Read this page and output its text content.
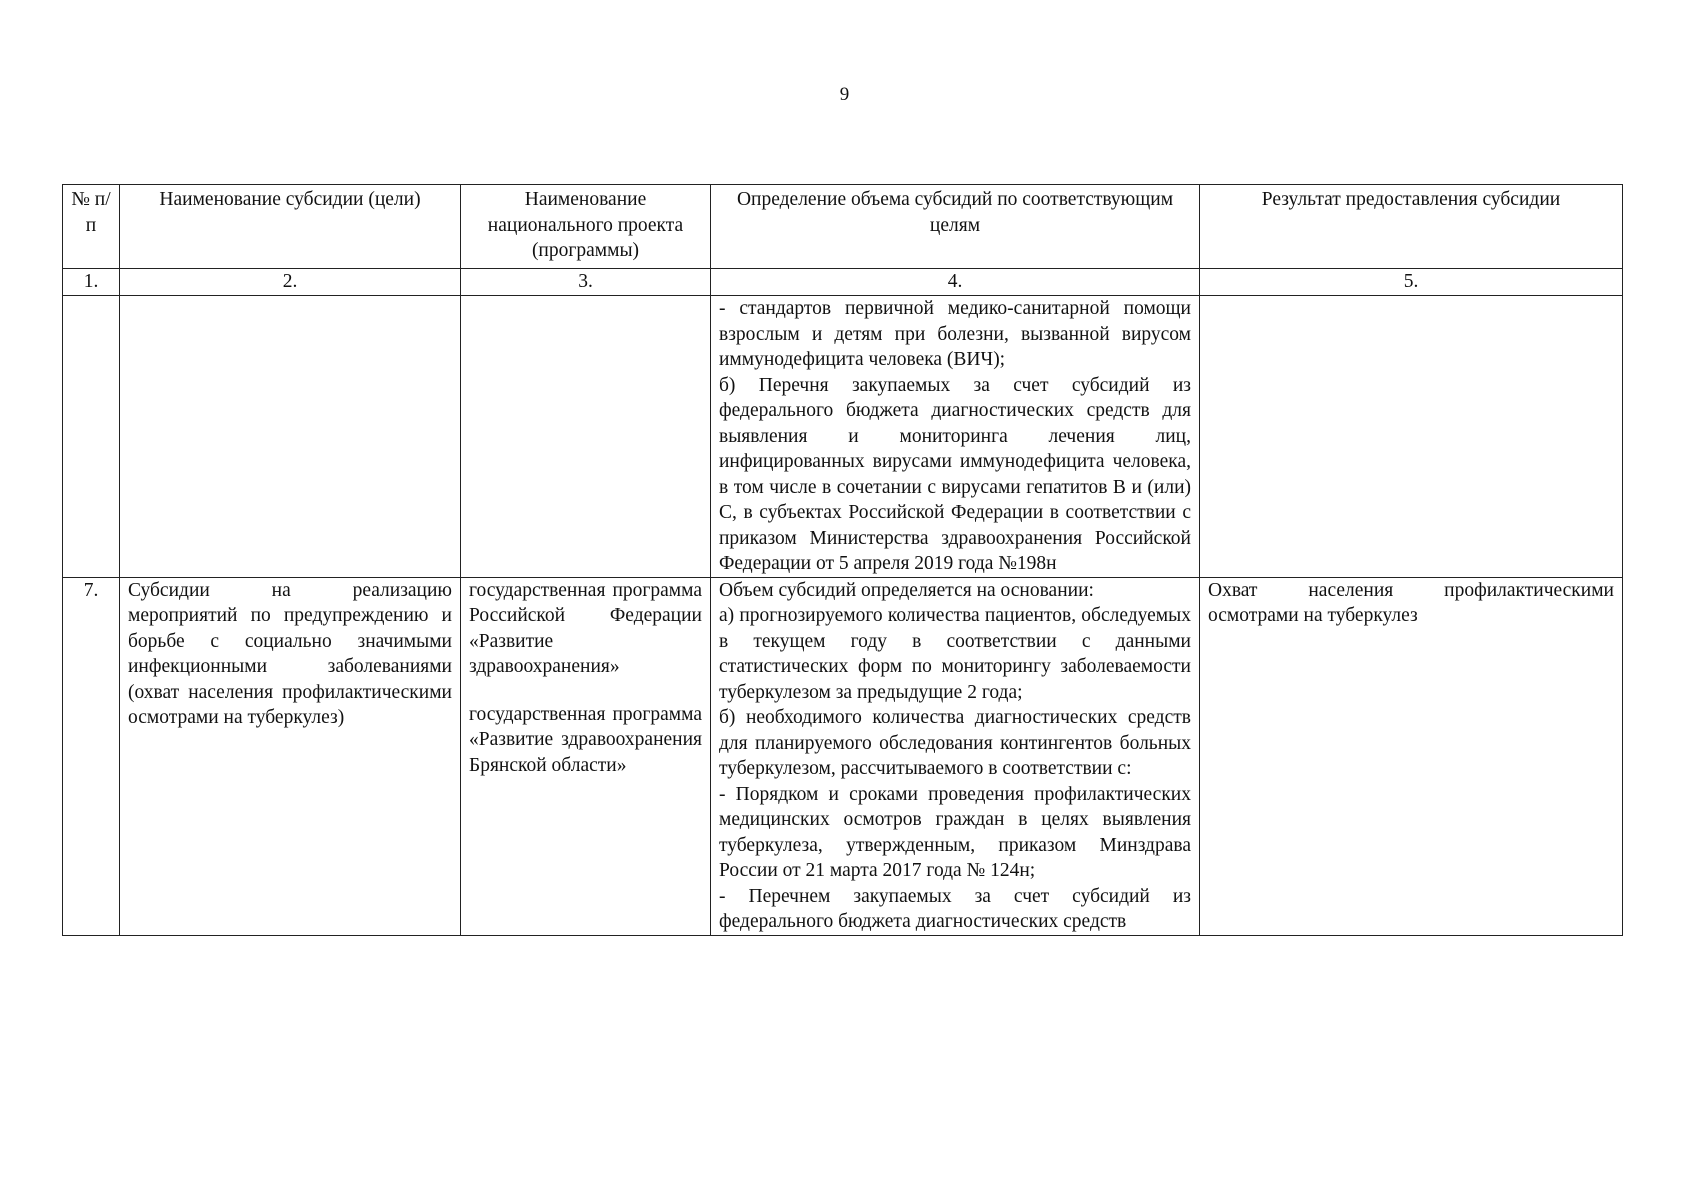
9
№ п/п	Наименование субсидии (цели)	Наименование национального проекта (программы)	Определение объема субсидий по соответствующим целям	Результат предоставления субсидии
1.	2.	3.	4.	5.

			- стандартов первичной медико-санитарной помощи взрослым и детям при болезни, вызванной вирусом иммунодефицита человека (ВИЧ);
б) Перечня закупаемых за счет субсидий из федерального бюджета диагностических средств для выявления и мониторинга лечения лиц, инфицированных вирусами иммунодефицита человека, в том числе в сочетании с вирусами гепатитов В и (или) С, в субъектах Российской Федерации в соответствии с приказом Министерства здравоохранения Российской Федерации от 5 апреля 2019 года №198н	

7.	Субсидии на реализацию мероприятий по предупреждению и борьбе с социально значимыми инфекционными заболеваниями (охват населения профилактическими осмотрами на туберкулез)	государственная программа Российской Федерации «Развитие здравоохранения»
государственная программа «Развитие здравоохранения Брянской области»	Объем субсидий определяется на основании:
а) прогнозируемого количества пациентов, обследуемых в текущем году в соответствии с данными статистических форм по мониторингу заболеваемости туберкулезом за предыдущие 2 года;
б) необходимого количества диагностических средств для планируемого обследования контингентов больных туберкулезом, рассчитываемого в соответствии с:
- Порядком и сроками проведения профилактических медицинских осмотров граждан в целях выявления туберкулеза, утвержденным, приказом Минздрава России от 21 марта 2017 года № 124н;
- Перечнем закупаемых за счет субсидий из федерального бюджета диагностических средств	Охват населения профилактическими осмотрами на туберкулез
